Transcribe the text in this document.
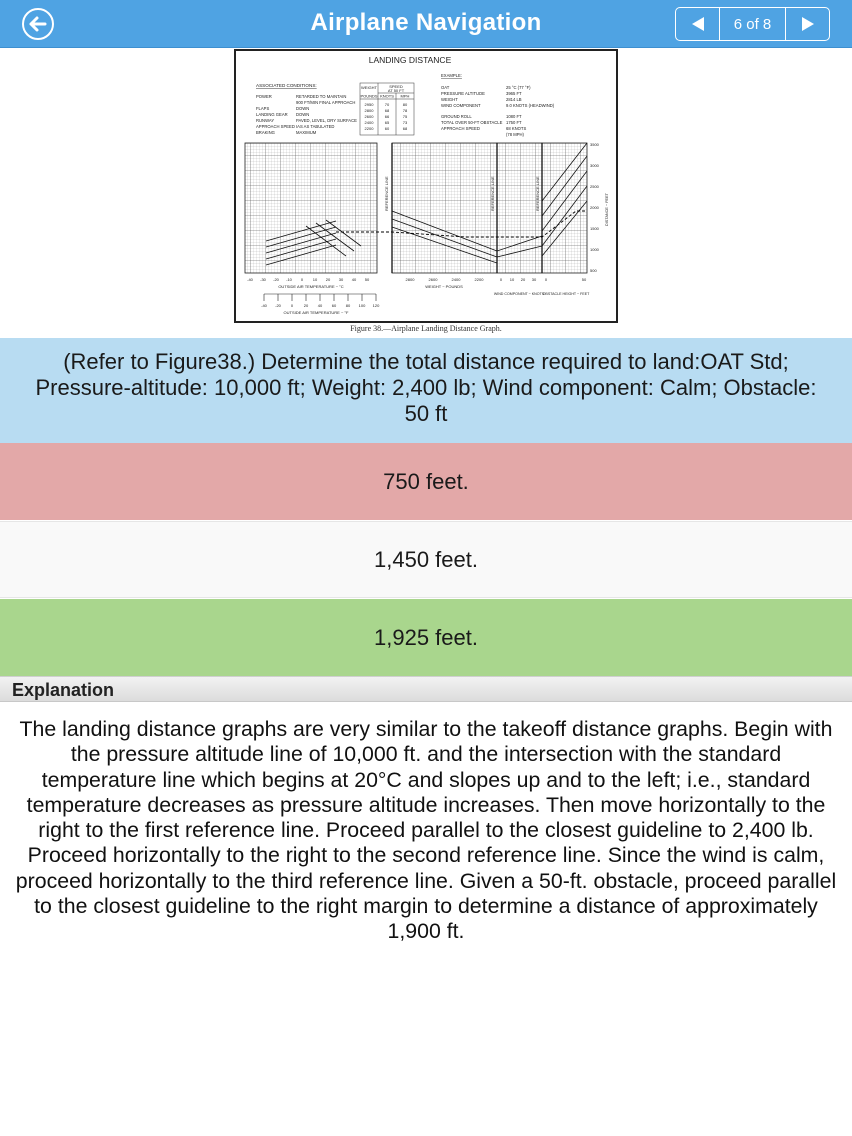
Airplane Navigation	6 of 8
LANDING DISTANCE
ASSOCIATED CONDITIONS:
POWER	RETARDED TO MAINTAIN
900 FT/MIN FINAL APPROACH
FLAPS	DOWN
LANDING GEAR DOWN
RUNWAY	PAVED, LEVEL, DRY SURFACE
APPROACH SPEED IAS AS TABULATED
BRAKING	MAXIMUM
WEIGHT	SPEED
AT 50 FT
POUNDS KNOTS MPH
2950	70	80
2800	68	78
2600	66	75
2400	65	73
2200	60	68
EXAMPLE:
OAT	25 °C (77 °F)
PRESSURE ALTITUDE	3965 FT
WEIGHT	2814 LB
WIND COMPONENT	9.0 KNOTS (HEADWIND)
GROUND ROLL	1080 FT
TOTAL OVER 50-FT OBSTACLE 1750 FT
APPROACH SPEED	68 KNOTS
(78 MPH)
REFERENCE LINE	REFERENCE LINE	REFERENCE LINE
3500
3000
2500
2000
1500
1000
500
DISTANCE ~ FEET
-40 -30 -20 -10 0 10 20 30 40 50
OUTSIDE AIR TEMPERATURE ~ °C
-40 -20 0	20 40 60 80 100 120
OUTSIDE AIR TEMPERATURE ~ °F
2800	2600	2400	2200
WEIGHT ~ POUNDS
0 10 20 30
WIND COMPONENT ~ KNOTS
0	50
OBSTACLE HEIGHT ~ FEET
Figure 38.—Airplane Landing Distance Graph.
(Refer to Figure38.) Determine the total distance required to land:OAT Std; Pressure-altitude: 10,000 ft; Weight: 2,400 lb; Wind component: Calm; Obstacle: 50 ft
750 feet.
1,450 feet.
1,925 feet.
Explanation
The landing distance graphs are very similar to the takeoff distance graphs. Begin with the pressure altitude line of 10,000 ft. and the intersection with the standard temperature line which begins at 20°C and slopes up and to the left; i.e., standard temperature decreases as pressure altitude increases. Then move horizontally to the right to the first reference line. Proceed parallel to the closest guideline to 2,400 lb. Proceed horizontally to the right to the second reference line. Since the wind is calm, proceed horizontally to the third reference line. Given a 50-ft. obstacle, proceed parallel to the closest guideline to the right margin to determine a distance of approximately 1,900 ft.
